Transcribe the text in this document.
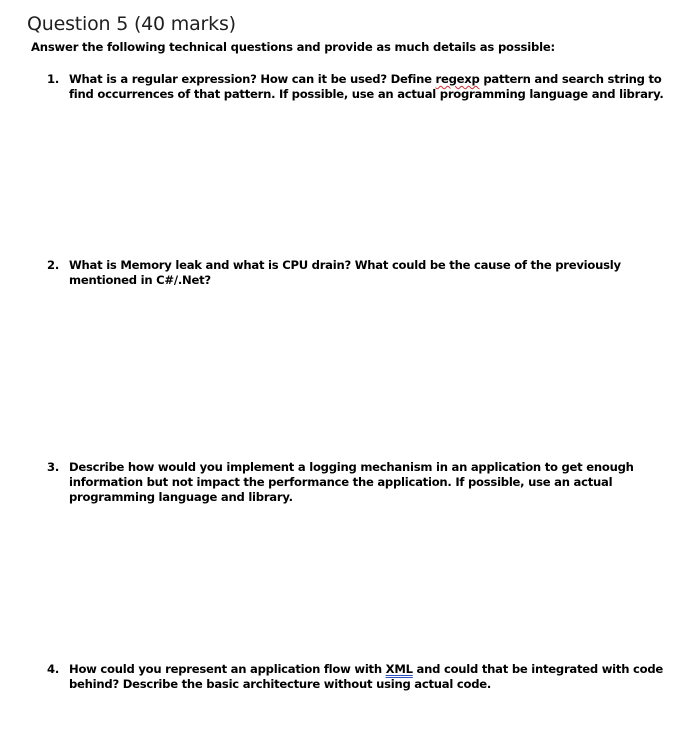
Question 5 (40 marks)

Answer the following technical questions and provide as much details as possible:

1. What is a regular expression? How can it be used? Define regexp pattern and search string to find occurrences of that pattern. If possible, use an actual programming language and library.
2. What is Memory leak and what is CPU drain? What could be the cause of the previously mentioned in C#/.Net?
3. Describe how would you implement a logging mechanism in an application to get enough information but not impact the performance the application. If possible, use an actual programming language and library.
4. How could you represent an application flow with XML and could that be integrated with code behind? Describe the basic architecture without using actual code.
